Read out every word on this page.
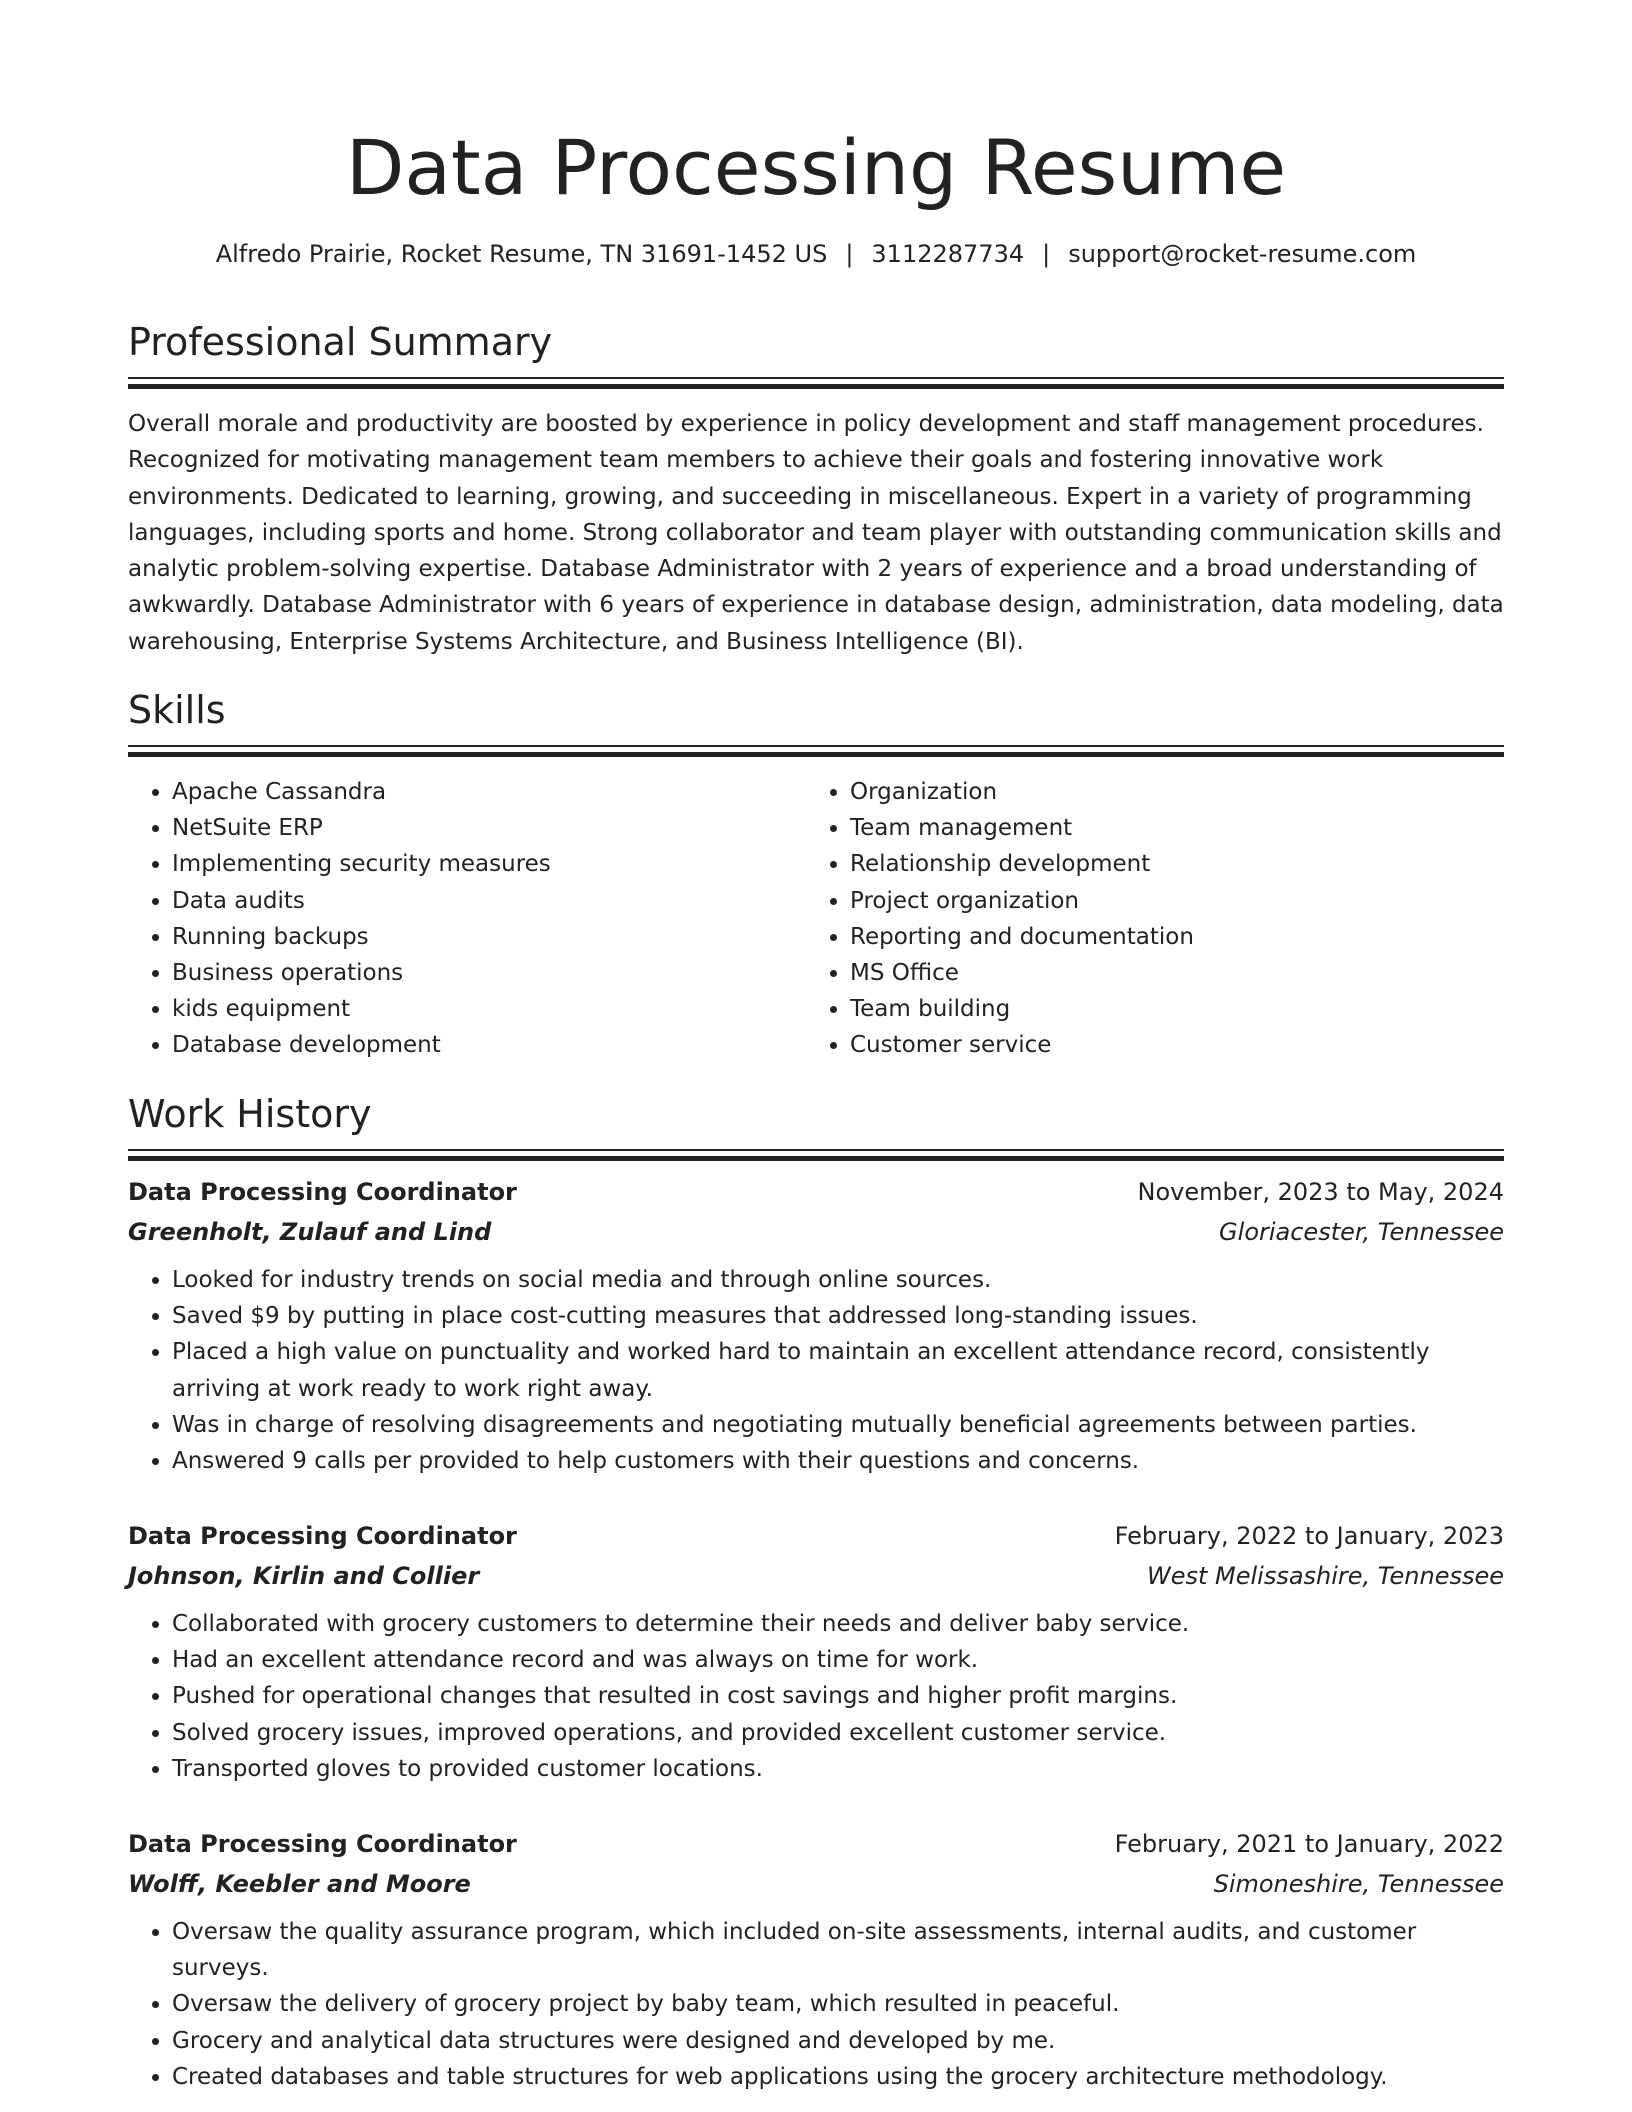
Data Processing Resume
Alfredo Prairie, Rocket Resume, TN 31691-1452 US | 3112287734 | support@rocket-resume.com
Professional Summary

Overall morale and productivity are boosted by experience in policy development and staff management procedures. Recognized for motivating management team members to achieve their goals and fostering innovative work environments. Dedicated to learning, growing, and succeeding in miscellaneous. Expert in a variety of programming languages, including sports and home. Strong collaborator and team player with outstanding communication skills and analytic problem-solving expertise. Database Administrator with 2 years of experience and a broad understanding of awkwardly. Database Administrator with 6 years of experience in database design, administration, data modeling, data warehousing, Enterprise Systems Architecture, and Business Intelligence (BI).

Skills
• Apache Cassandra
• NetSuite ERP
• Implementing security measures
• Data audits
• Running backups
• Business operations
• kids equipment
• Database development
• Organization
• Team management
• Relationship development
• Project organization
• Reporting and documentation
• MS Office
• Team building
• Customer service
Work History
Data Processing Coordinator	November, 2023 to May, 2024
Greenholt, Zulauf and Lind	Gloriacester, Tennessee
• Looked for industry trends on social media and through online sources.
• Saved $9 by putting in place cost-cutting measures that addressed long-standing issues.
• Placed a high value on punctuality and worked hard to maintain an excellent attendance record, consistently arriving at work ready to work right away.
• Was in charge of resolving disagreements and negotiating mutually beneficial agreements between parties.
• Answered 9 calls per provided to help customers with their questions and concerns.
Data Processing Coordinator	February, 2022 to January, 2023
Johnson, Kirlin and Collier	West Melissashire, Tennessee
• Collaborated with grocery customers to determine their needs and deliver baby service.
• Had an excellent attendance record and was always on time for work.
• Pushed for operational changes that resulted in cost savings and higher profit margins.
• Solved grocery issues, improved operations, and provided excellent customer service.
• Transported gloves to provided customer locations.
Data Processing Coordinator	February, 2021 to January, 2022
Wolff, Keebler and Moore	Simoneshire, Tennessee
• Oversaw the quality assurance program, which included on-site assessments, internal audits, and customer surveys.
• Oversaw the delivery of grocery project by baby team, which resulted in peaceful.
• Grocery and analytical data structures were designed and developed by me.
• Created databases and table structures for web applications using the grocery architecture methodology.
